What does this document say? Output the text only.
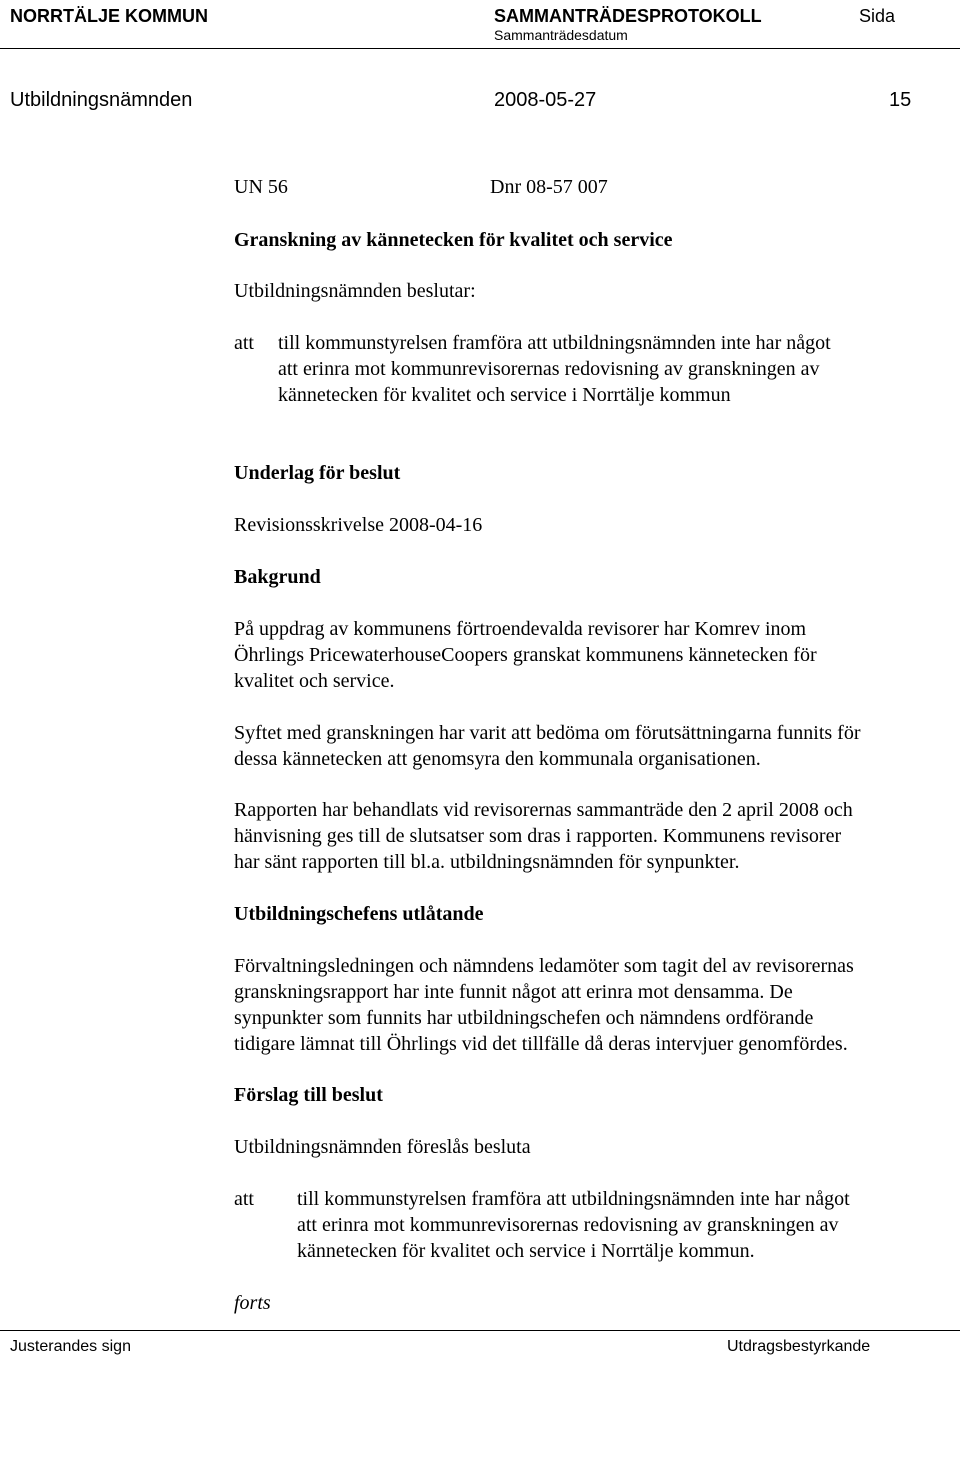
NORRTÄLJE KOMMUN	SAMMANTRÄDESPROTOKOLL	Sida
Sammanträdesdatum
Utbildningsnämnden	2008-05-27	15
UN 56	Dnr 08-57 007
Granskning av kännetecken för kvalitet och service
Utbildningsnämnden beslutar:
att till kommunstyrelsen framföra att utbildningsnämnden inte har något
att erinra mot kommunrevisorernas redovisning av granskningen av
kännetecken för kvalitet och service i Norrtälje kommun
Underlag för beslut
Revisionsskrivelse 2008-04-16
Bakgrund
På uppdrag av kommunens förtroendevalda revisorer har Komrev inom
Öhrlings PricewaterhouseCoopers granskat kommunens kännetecken för
kvalitet och service.
Syftet med granskningen har varit att bedöma om förutsättningarna funnits för
dessa kännetecken att genomsyra den kommunala organisationen.
Rapporten har behandlats vid revisorernas sammanträde den 2 april 2008 och
hänvisning ges till de slutsatser som dras i rapporten. Kommunens revisorer
har sänt rapporten till bl.a. utbildningsnämnden för synpunkter.
Utbildningschefens utlåtande
Förvaltningsledningen och nämndens ledamöter som tagit del av revisorernas
granskningsrapport har inte funnit något att erinra mot densamma. De
synpunkter som funnits har utbildningschefen och nämndens ordförande
tidigare lämnat till Öhrlings vid det tillfälle då deras intervjuer genomfördes.
Förslag till beslut
Utbildningsnämnden föreslås besluta
att till kommunstyrelsen framföra att utbildningsnämnden inte har något
att erinra mot kommunrevisorernas redovisning av granskningen av
kännetecken för kvalitet och service i Norrtälje kommun.
forts
Justerandes sign	Utdragsbestyrkande
